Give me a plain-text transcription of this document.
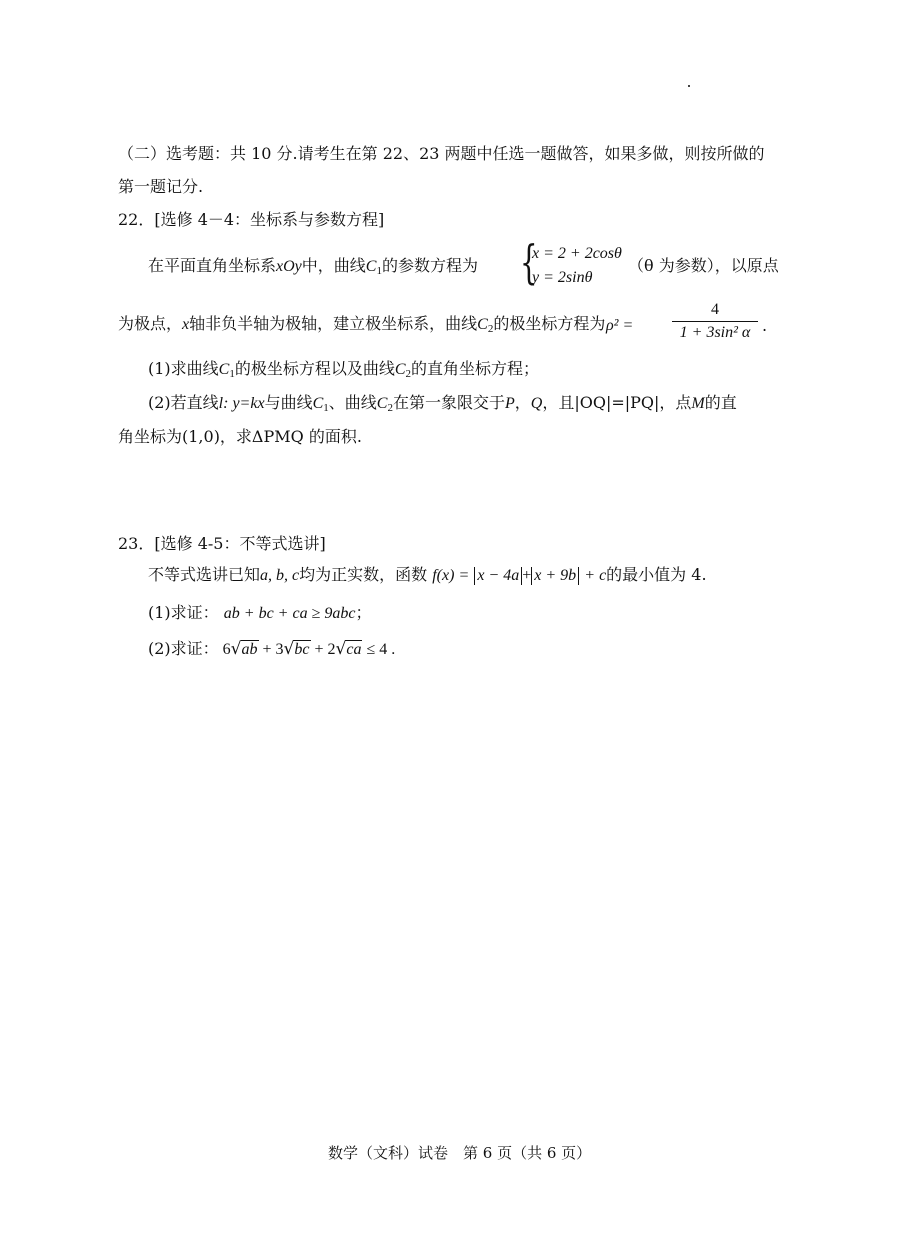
（二）选考题：共 10 分.请考生在第 22、23 两题中任选一题做答，如果多做，则按所做的
第一题记分.
22．[选修 4－4：坐标系与参数方程]
在平面直角坐标系xOy中，曲线$C_1$的参数方程为 {
x = 2 + 2cosθ
y = 2sinθ
（θ 为参数），以原点
为极点，x轴非负半轴为极轴，建立极坐标系，曲线$C_2$的极坐标方程为 ρ² =
4
1 + 3sin² α .
(1)求曲线$C_1$的极坐标方程以及曲线$C_2$的直角坐标方程；
(2)若直线l: y=kx与曲线$C_1$、曲线$C_2$在第一象限交于P，Q，且|OQ|=|PQ|，点M的直
角坐标为(1,0)，求ΔPMQ 的面积.
23．[选修 4-5：不等式选讲]
不等式选讲已知a, b, c均为正实数，函数 f(x) = x − 4a + x + 9b + c的最小值为 4.
(1)求证： ab + bc + ca ≥ 9abc；
(2)求证： 6√ab + 3√bc + 2√ca ≤ 4 .
数学（文科）试卷　第 6 页（共 6 页）
